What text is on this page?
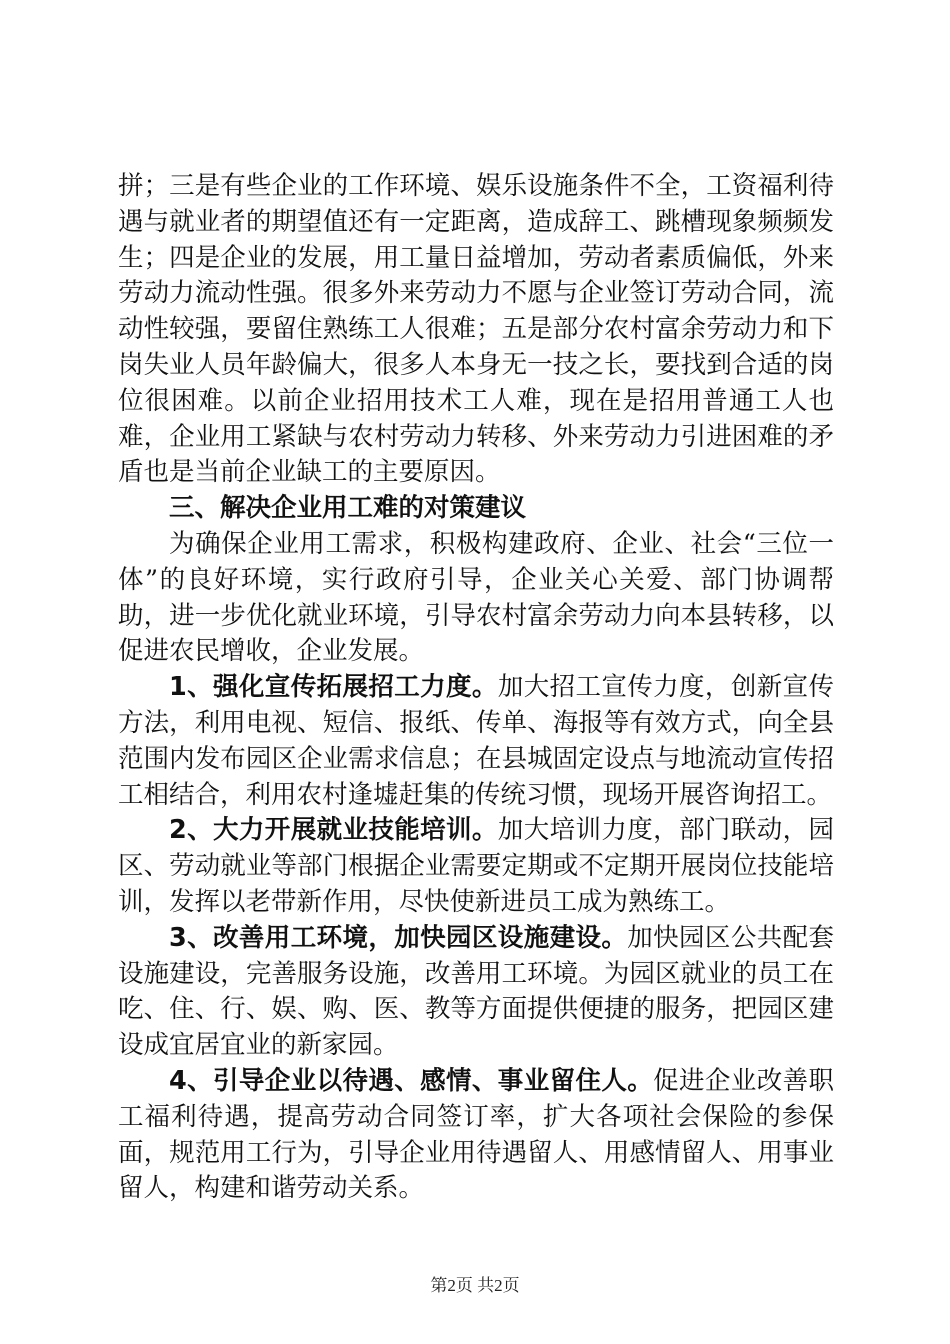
拼；三是有些企业的工作环境、娱乐设施条件不全，工资福利待遇与就业者的期望值还有一定距离，造成辞工、跳槽现象频频发生；四是企业的发展，用工量日益增加，劳动者素质偏低，外来劳动力流动性强。很多外来劳动力不愿与企业签订劳动合同，流动性较强，要留住熟练工人很难；五是部分农村富余劳动力和下岗失业人员年龄偏大，很多人本身无一技之长，要找到合适的岗位很困难。以前企业招用技术工人难，现在是招用普通工人也难，企业用工紧缺与农村劳动力转移、外来劳动力引进困难的矛盾也是当前企业缺工的主要原因。

三、解决企业用工难的对策建议

为确保企业用工需求，积极构建政府、企业、社会“三位一体”的良好环境，实行政府引导，企业关心关爱、部门协调帮助，进一步优化就业环境，引导农村富余劳动力向本县转移，以促进农民增收，企业发展。

1、强化宣传拓展招工力度。加大招工宣传力度，创新宣传方法，利用电视、短信、报纸、传单、海报等有效方式，向全县范围内发布园区企业需求信息；在县城固定设点与地流动宣传招工相结合，利用农村逢墟赶集的传统习惯，现场开展咨询招工。

2、大力开展就业技能培训。加大培训力度，部门联动，园区、劳动就业等部门根据企业需要定期或不定期开展岗位技能培训，发挥以老带新作用，尽快使新进员工成为熟练工。

3、改善用工环境，加快园区设施建设。加快园区公共配套设施建设，完善服务设施，改善用工环境。为园区就业的员工在吃、住、行、娱、购、医、教等方面提供便捷的服务，把园区建设成宜居宜业的新家园。

4、引导企业以待遇、感情、事业留住人。促进企业改善职工福利待遇，提高劳动合同签订率，扩大各项社会保险的参保面，规范用工行为，引导企业用待遇留人、用感情留人、用事业留人，构建和谐劳动关系。

第2页 共2页
